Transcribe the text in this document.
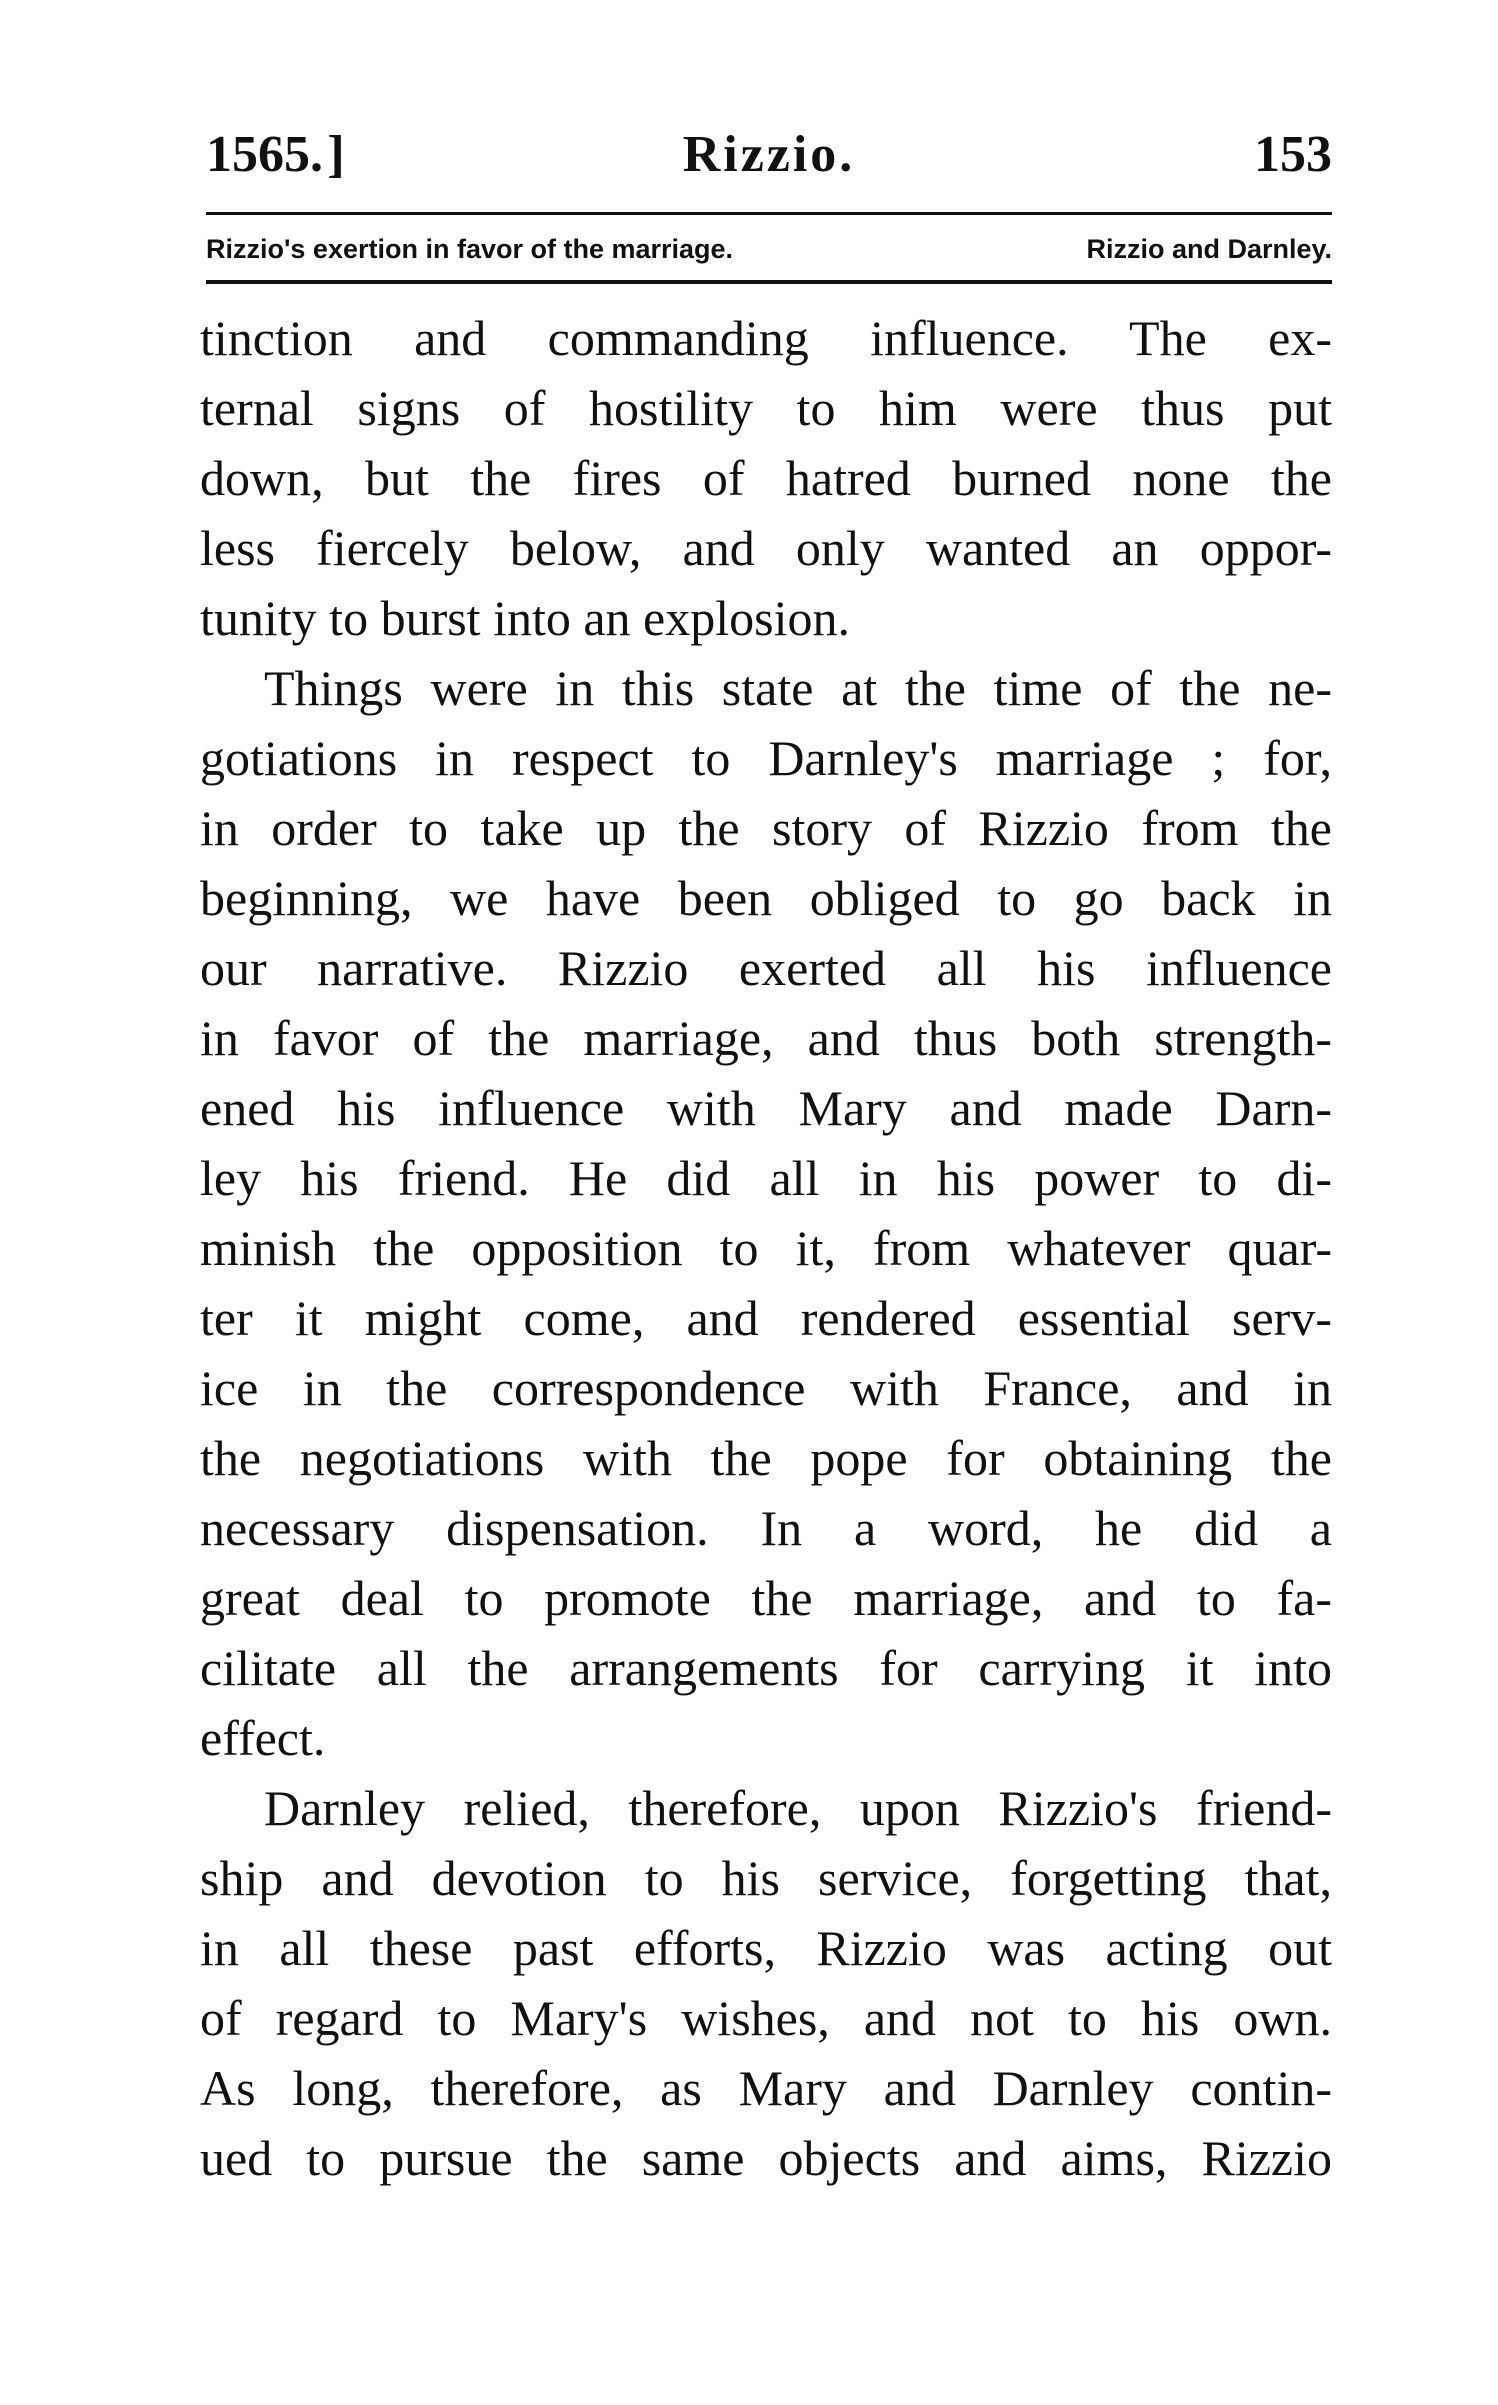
1565. ]	Rizzio.	153
Rizzio's exertion in favor of the marriage.	Rizzio and Darnley.
tinction and commanding influence. The ex-
ternal signs of hostility to him were thus put
down, but the fires of hatred burned none the
less fiercely below, and only wanted an oppor-
tunity to burst into an explosion.
Things were in this state at the time of the ne-
gotiations in respect to Darnley's marriage ; for,
in order to take up the story of Rizzio from the
beginning, we have been obliged to go back in
our narrative. Rizzio exerted all his influence
in favor of the marriage, and thus both strength-
ened his influence with Mary and made Darn-
ley his friend. He did all in his power to di-
minish the opposition to it, from whatever quar-
ter it might come, and rendered essential serv-
ice in the correspondence with France, and in
the negotiations with the pope for obtaining the
necessary dispensation. In a word, he did a
great deal to promote the marriage, and to fa-
cilitate all the arrangements for carrying it into
effect.
Darnley relied, therefore, upon Rizzio's friend-
ship and devotion to his service, forgetting that,
in all these past efforts, Rizzio was acting out
of regard to Mary's wishes, and not to his own.
As long, therefore, as Mary and Darnley contin-
ued to pursue the same objects and aims, Rizzio
